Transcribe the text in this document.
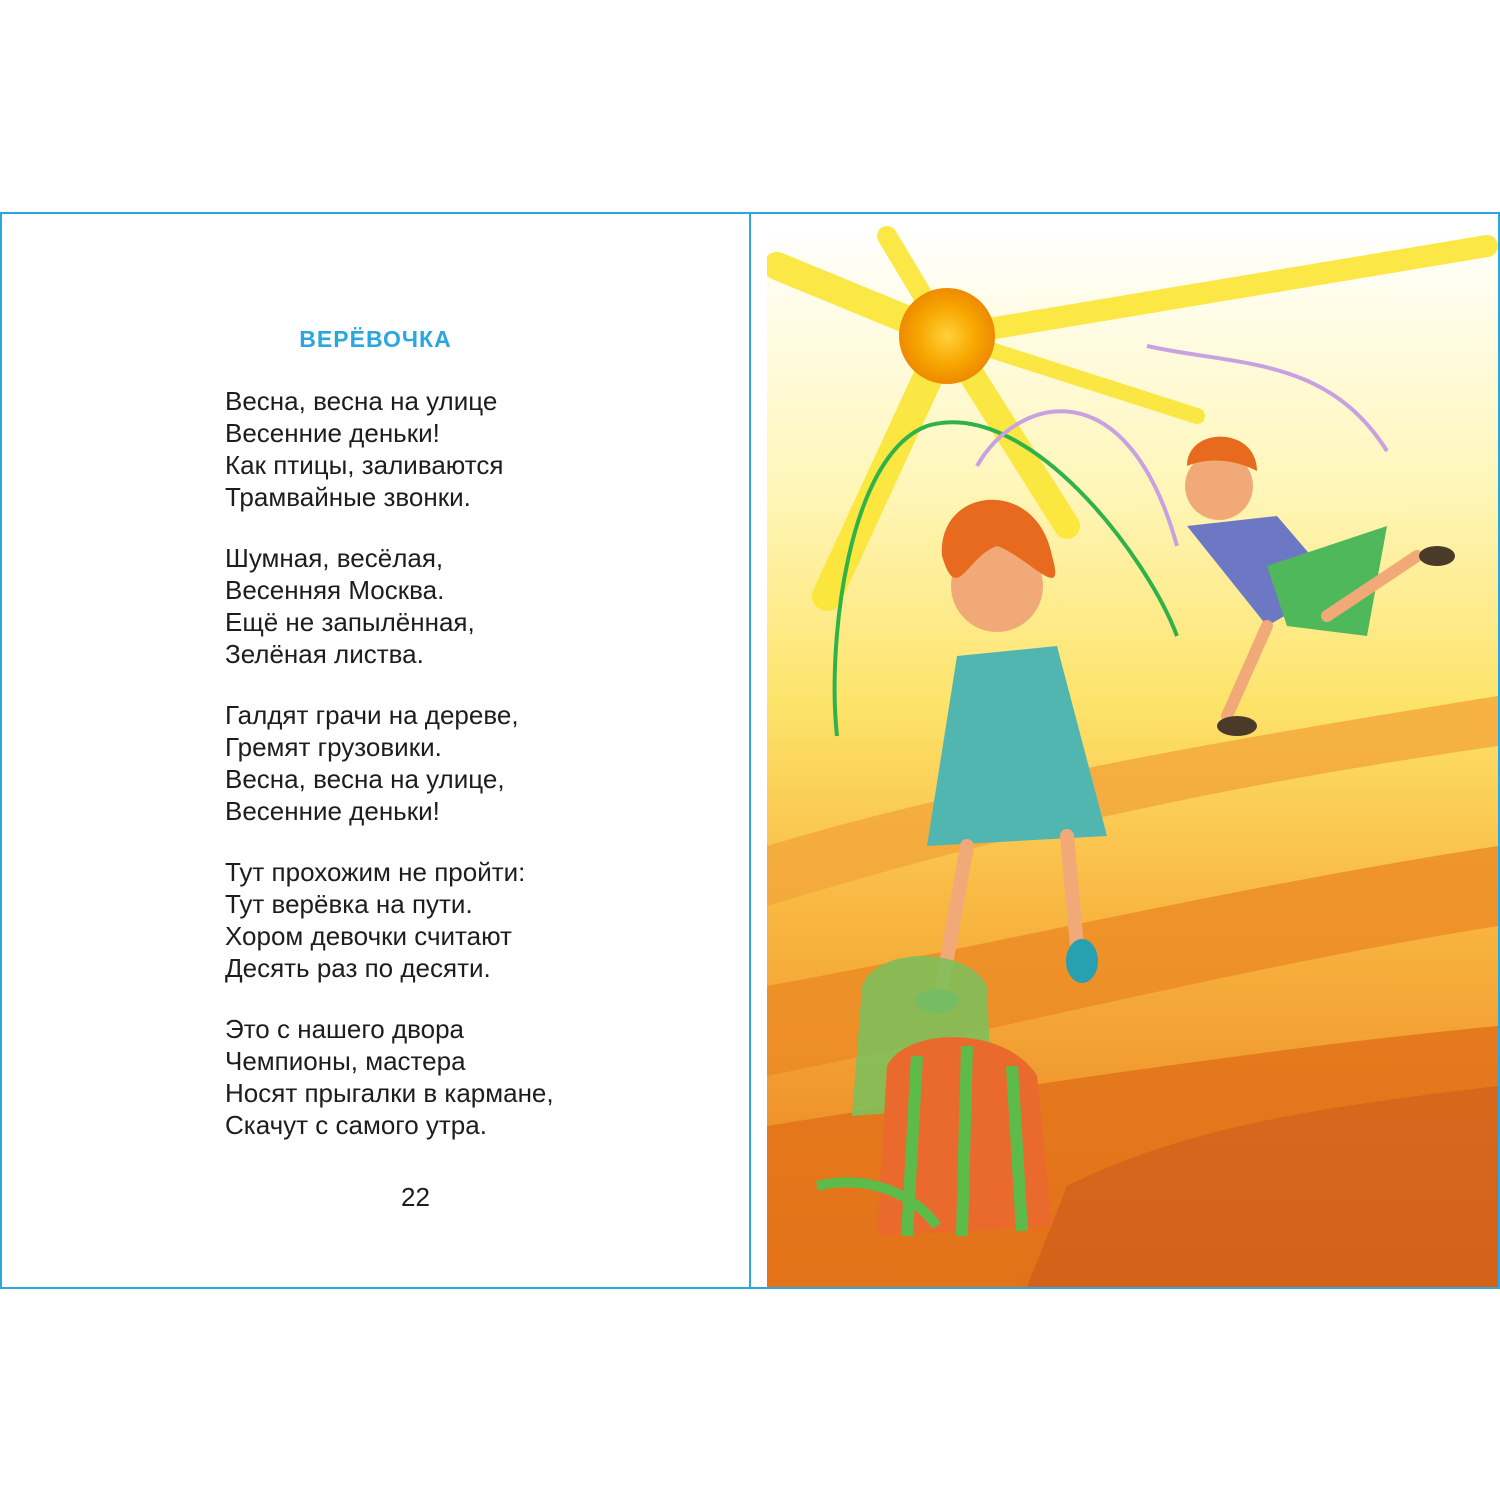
ВЕРЁВОЧКА
Весна, весна на улице
Весенние деньки!
Как птицы, заливаются
Трамвайные звонки.
Шумная, весёлая,
Весенняя Москва.
Ещё не запылённая,
Зелёная листва.
Галдят грачи на дереве,
Гремят грузовики.
Весна, весна на улице,
Весенние деньки!
Тут прохожим не пройти:
Тут верёвка на пути.
Хором девочки считают
Десять раз по десяти.
Это с нашего двора
Чемпионы, мастера
Носят прыгалки в кармане,
Скачут с самого утра.
22
